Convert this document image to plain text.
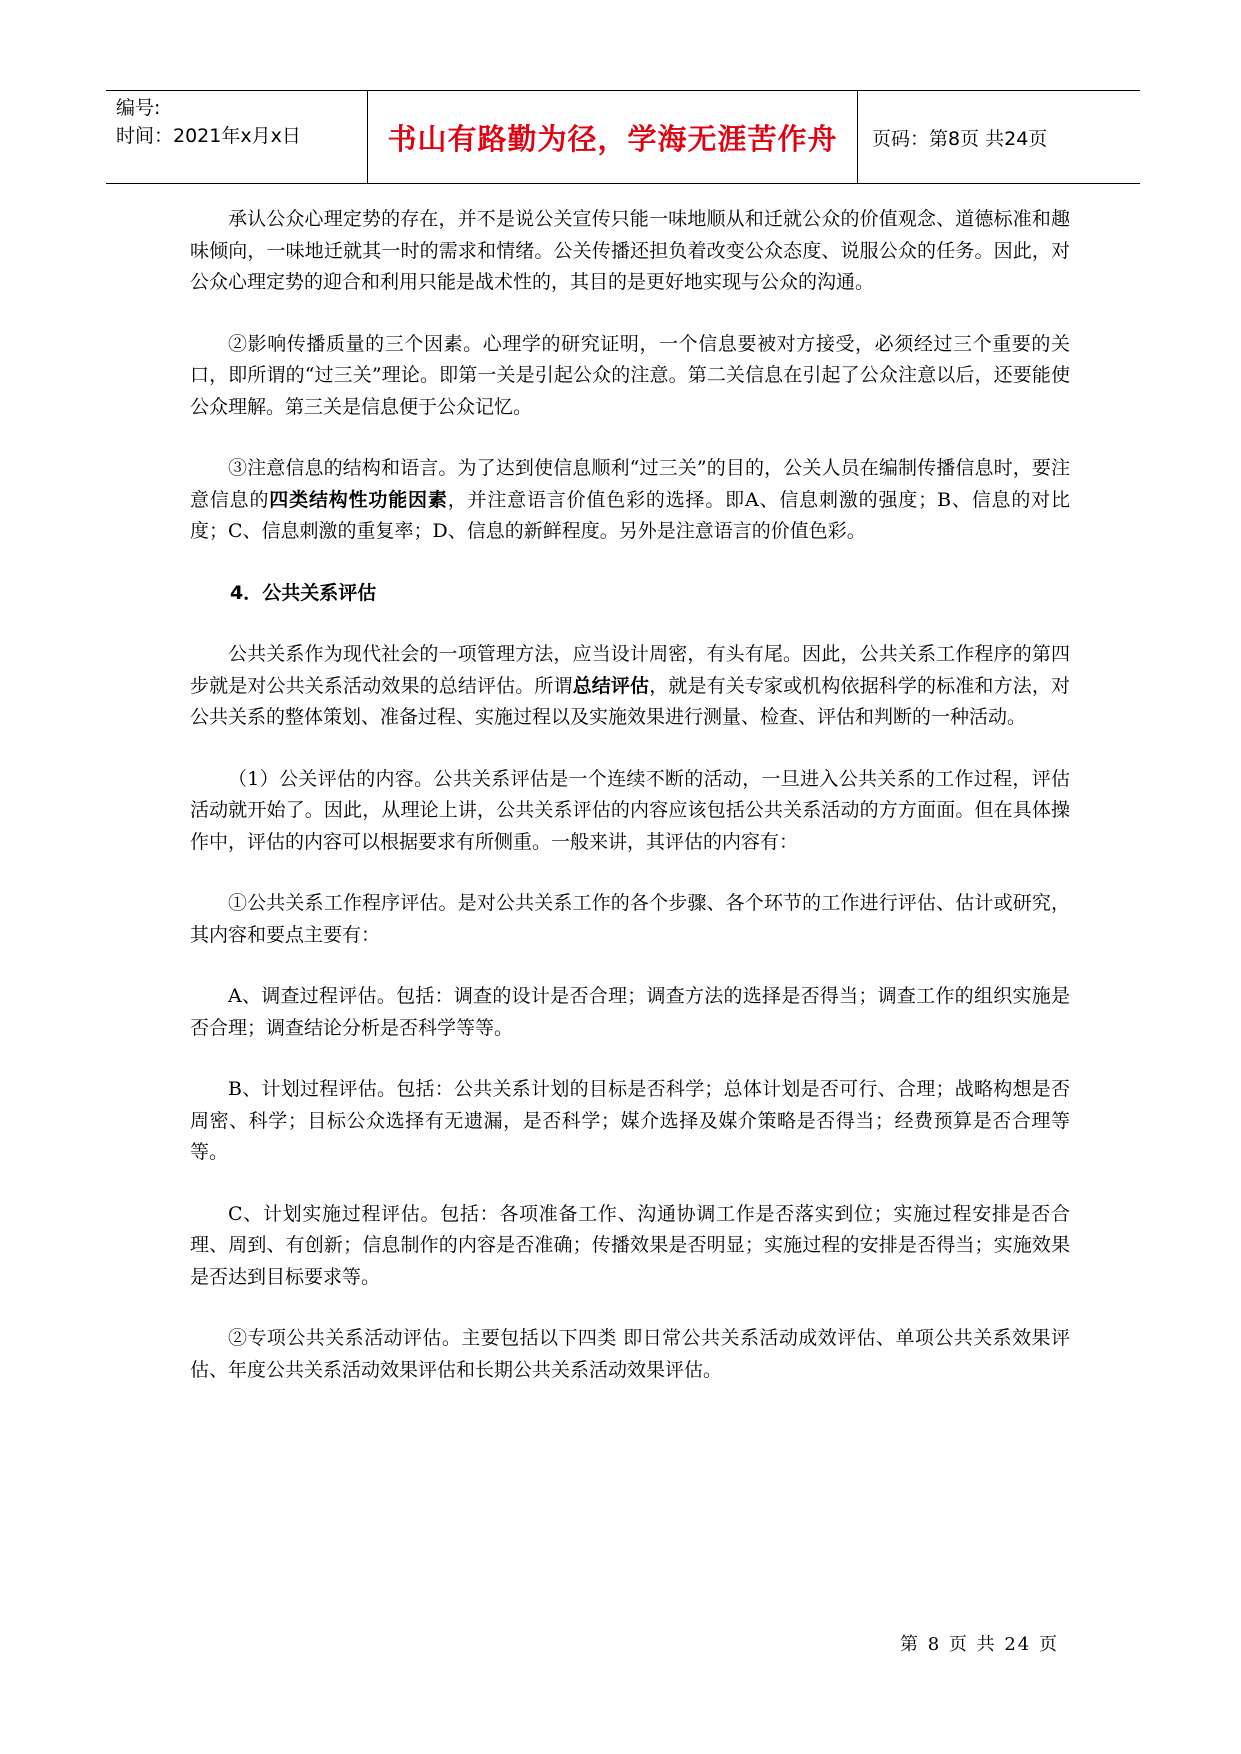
编号:
时间：2021年x月x日	书山有路勤为径，学海无涯苦作舟 页码：第8页 共24页

承认公众心理定势的存在，并不是说公关宣传只能一味地顺从和迁就公众的价值观念、道德标准和趣味倾向，一味地迁就其一时的需求和情绪。公关传播还担负着改变公众态度、说服公众的任务。因此，对公众心理定势的迎合和利用只能是战术性的，其目的是更好地实现与公众的沟通。

②影响传播质量的三个因素。心理学的研究证明，一个信息要被对方接受，必须经过三个重要的关口，即所谓的“过三关”理论。即第一关是引起公众的注意。第二关信息在引起了公众注意以后，还要能使公众理解。第三关是信息便于公众记忆。

③注意信息的结构和语言。为了达到使信息顺利“过三关”的目的，公关人员在编制传播信息时，要注意信息的四类结构性功能因素，并注意语言价值色彩的选择。即A、信息刺激的强度；B、信息的对比度；C、信息刺激的重复率；D、信息的新鲜程度。另外是注意语言的价值色彩。

4．公共关系评估

公共关系作为现代社会的一项管理方法，应当设计周密，有头有尾。因此，公共关系工作程序的第四步就是对公共关系活动效果的总结评估。所谓总结评估，就是有关专家或机构依据科学的标准和方法，对公共关系的整体策划、准备过程、实施过程以及实施效果进行测量、检查、评估和判断的一种活动。

（1）公关评估的内容。公共关系评估是一个连续不断的活动，一旦进入公共关系的工作过程，评估活动就开始了。因此，从理论上讲，公共关系评估的内容应该包括公共关系活动的方方面面。但在具体操作中，评估的内容可以根据要求有所侧重。一般来讲，其评估的内容有：

①公共关系工作程序评估。是对公共关系工作的各个步骤、各个环节的工作进行评估、估计或研究，其内容和要点主要有：

A、调查过程评估。包括：调查的设计是否合理；调查方法的选择是否得当；调查工作的组织实施是否合理；调查结论分析是否科学等等。

B、计划过程评估。包括：公共关系计划的目标是否科学；总体计划是否可行、合理；战略构想是否周密、科学；目标公众选择有无遗漏，是否科学；媒介选择及媒介策略是否得当；经费预算是否合理等等。

C、计划实施过程评估。包括：各项准备工作、沟通协调工作是否落实到位；实施过程安排是否合理、周到、有创新；信息制作的内容是否准确；传播效果是否明显；实施过程的安排是否得当；实施效果是否达到目标要求等。

②专项公共关系活动评估。主要包括以下四类 即日常公共关系活动成效评估、单项公共关系效果评估、年度公共关系活动效果评估和长期公共关系活动效果评估。

第 8 页 共 24 页
